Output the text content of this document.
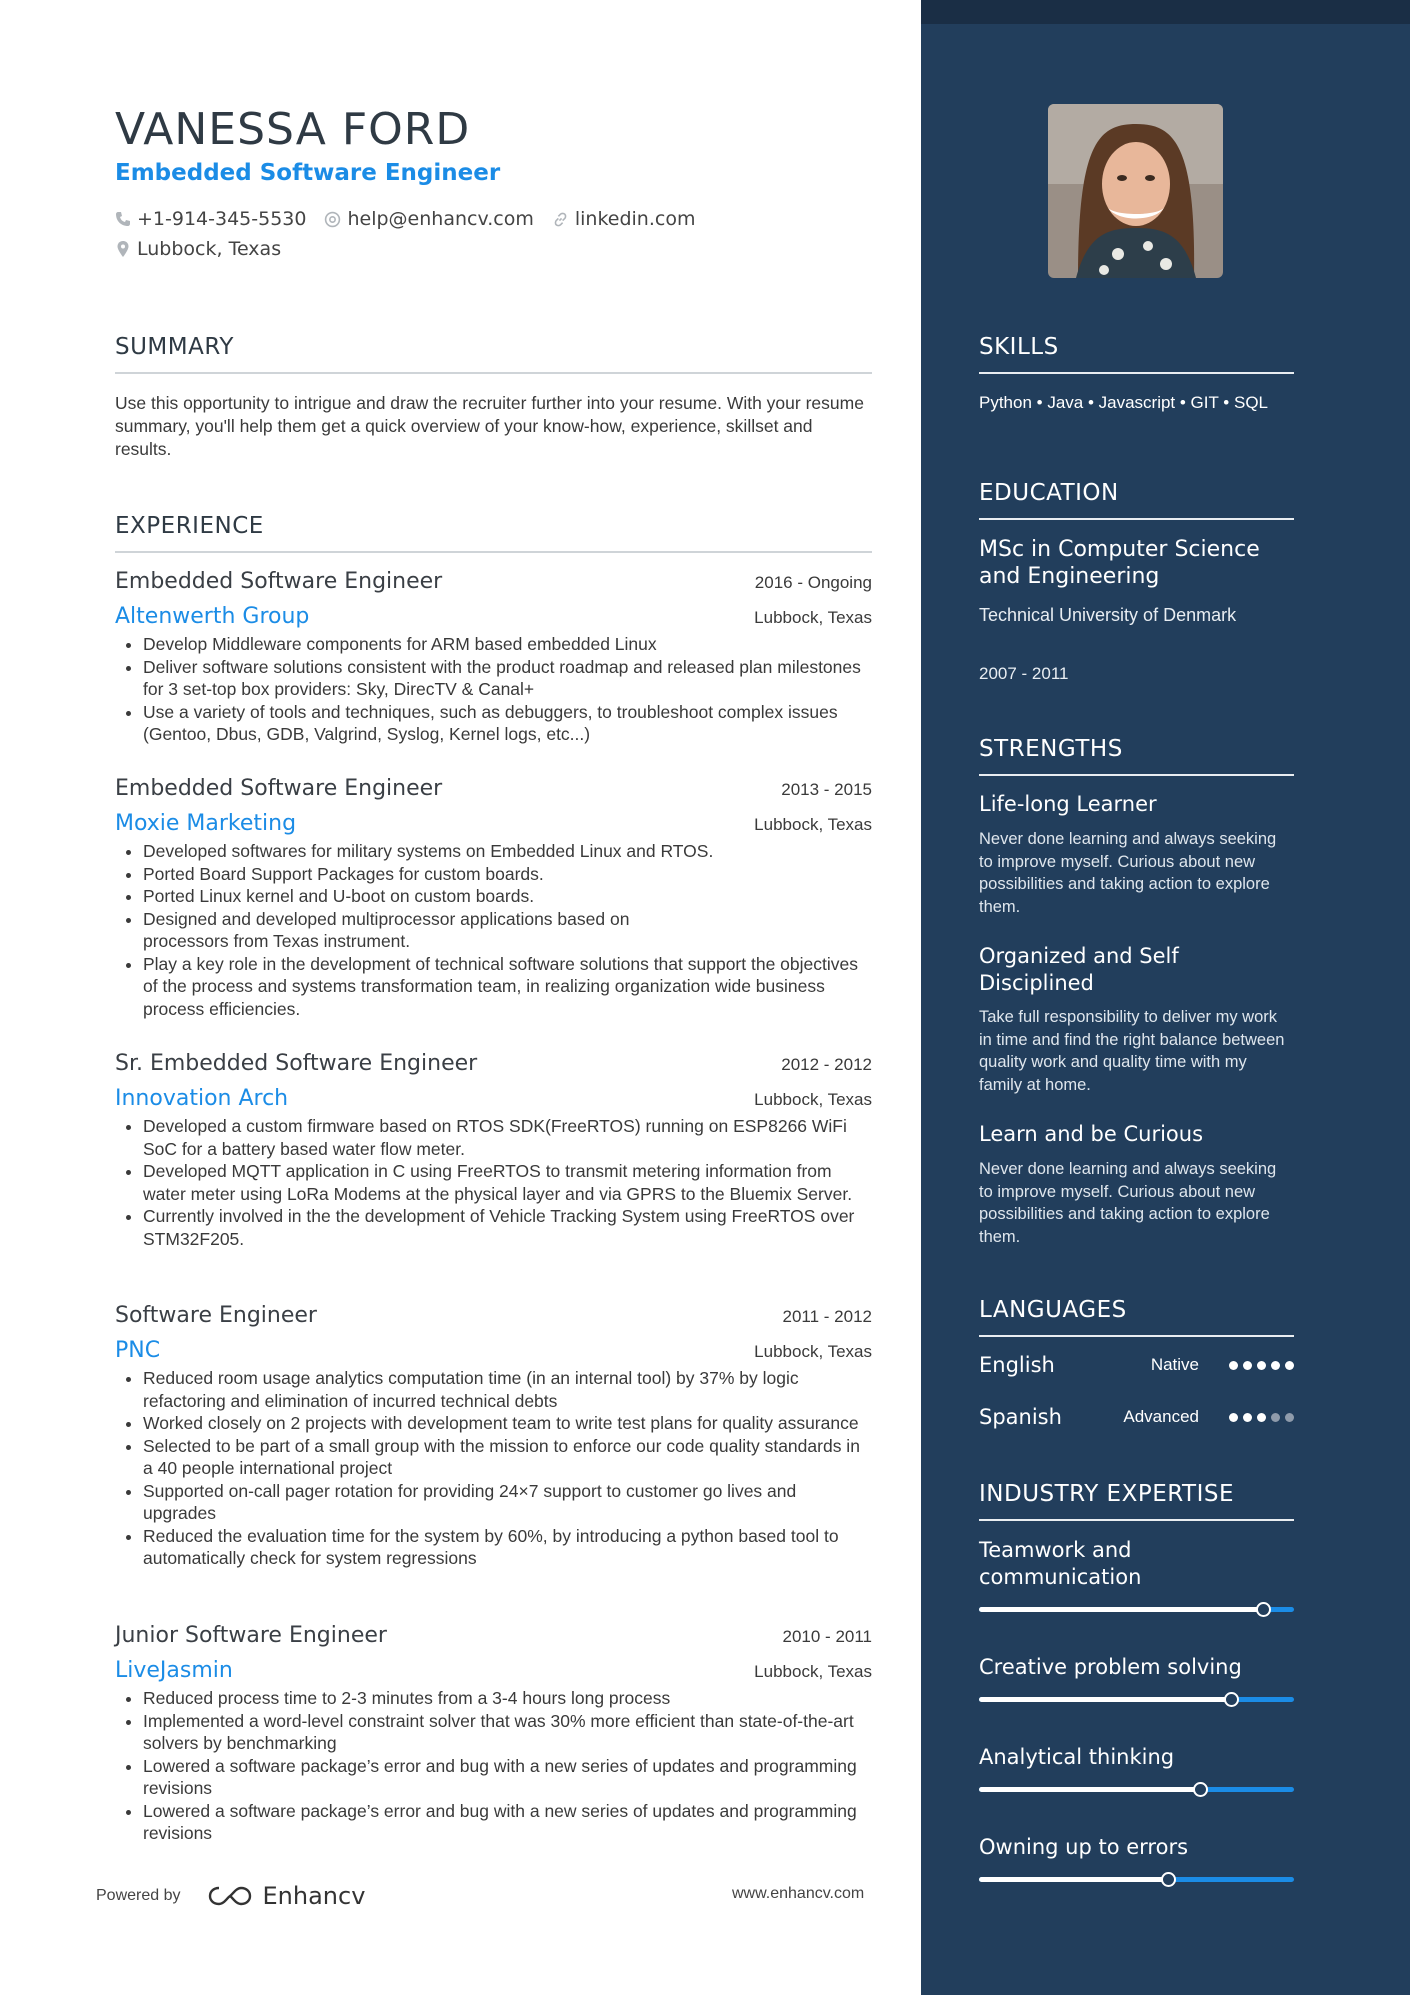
VANESSA FORD
Embedded Software Engineer
+1-914-345-5530 help@enhancv.com linkedin.com
Lubbock, Texas
SUMMARY
Use this opportunity to intrigue and draw the recruiter further into your resume. With your resume summary, you'll help them get a quick overview of your know-how, experience, skillset and results.
EXPERIENCE
Embedded Software Engineer	2016 - Ongoing
Altenwerth Group	Lubbock, Texas
• Develop Middleware components for ARM based embedded Linux
• Deliver software solutions consistent with the product roadmap and released plan milestones for 3 set-top box providers: Sky, DirecTV & Canal+
• Use a variety of tools and techniques, such as debuggers, to troubleshoot complex issues (Gentoo, Dbus, GDB, Valgrind, Syslog, Kernel logs, etc...)
Embedded Software Engineer	2013 - 2015
Moxie Marketing	Lubbock, Texas
• Developed softwares for military systems on Embedded Linux and RTOS.
• Ported Board Support Packages for custom boards.
• Ported Linux kernel and U-boot on custom boards.
• Designed and developed multiprocessor applications based on processors from Texas instrument.
• Play a key role in the development of technical software solutions that support the objectives of the process and systems transformation team, in realizing organization wide business process efficiencies.
Sr. Embedded Software Engineer	2012 - 2012
Innovation Arch	Lubbock, Texas
• Developed a custom firmware based on RTOS SDK(FreeRTOS) running on ESP8266 WiFi SoC for a battery based water flow meter.
• Developed MQTT application in C using FreeRTOS to transmit metering information from water meter using LoRa Modems at the physical layer and via GPRS to the Bluemix Server.
• Currently involved in the the development of Vehicle Tracking System using FreeRTOS over STM32F205.
Software Engineer	2011 - 2012
PNC	Lubbock, Texas
• Reduced room usage analytics computation time (in an internal tool) by 37% by logic refactoring and elimination of incurred technical debts
• Worked closely on 2 projects with development team to write test plans for quality assurance
• Selected to be part of a small group with the mission to enforce our code quality standards in a 40 people international project
• Supported on-call pager rotation for providing 24×7 support to customer go lives and upgrades
• Reduced the evaluation time for the system by 60%, by introducing a python based tool to automatically check for system regressions
Junior Software Engineer	2010 - 2011
LiveJasmin	Lubbock, Texas
• Reduced process time to 2-3 minutes from a 3-4 hours long process
• Implemented a word-level constraint solver that was 30% more efficient than state-of-the-art solvers by benchmarking
• Lowered a software package’s error and bug with a new series of updates and programming revisions
• Lowered a software package’s error and bug with a new series of updates and programming revisions
Powered by	Enhancv	www.enhancv.com
SKILLS
Python • Java • Javascript • GIT • SQL
EDUCATION
MSc in Computer Science and Engineering
Technical University of Denmark
2007 - 2011
STRENGTHS
Life-long Learner
Never done learning and always seeking to improve myself. Curious about new possibilities and taking action to explore them.
Organized and Self Disciplined
Take full responsibility to deliver my work in time and find the right balance between quality work and quality time with my family at home.
Learn and be Curious
Never done learning and always seeking to improve myself. Curious about new possibilities and taking action to explore them.
LANGUAGES
English	Native
Spanish	Advanced
INDUSTRY EXPERTISE
Teamwork and communication
Creative problem solving
Analytical thinking
Owning up to errors
